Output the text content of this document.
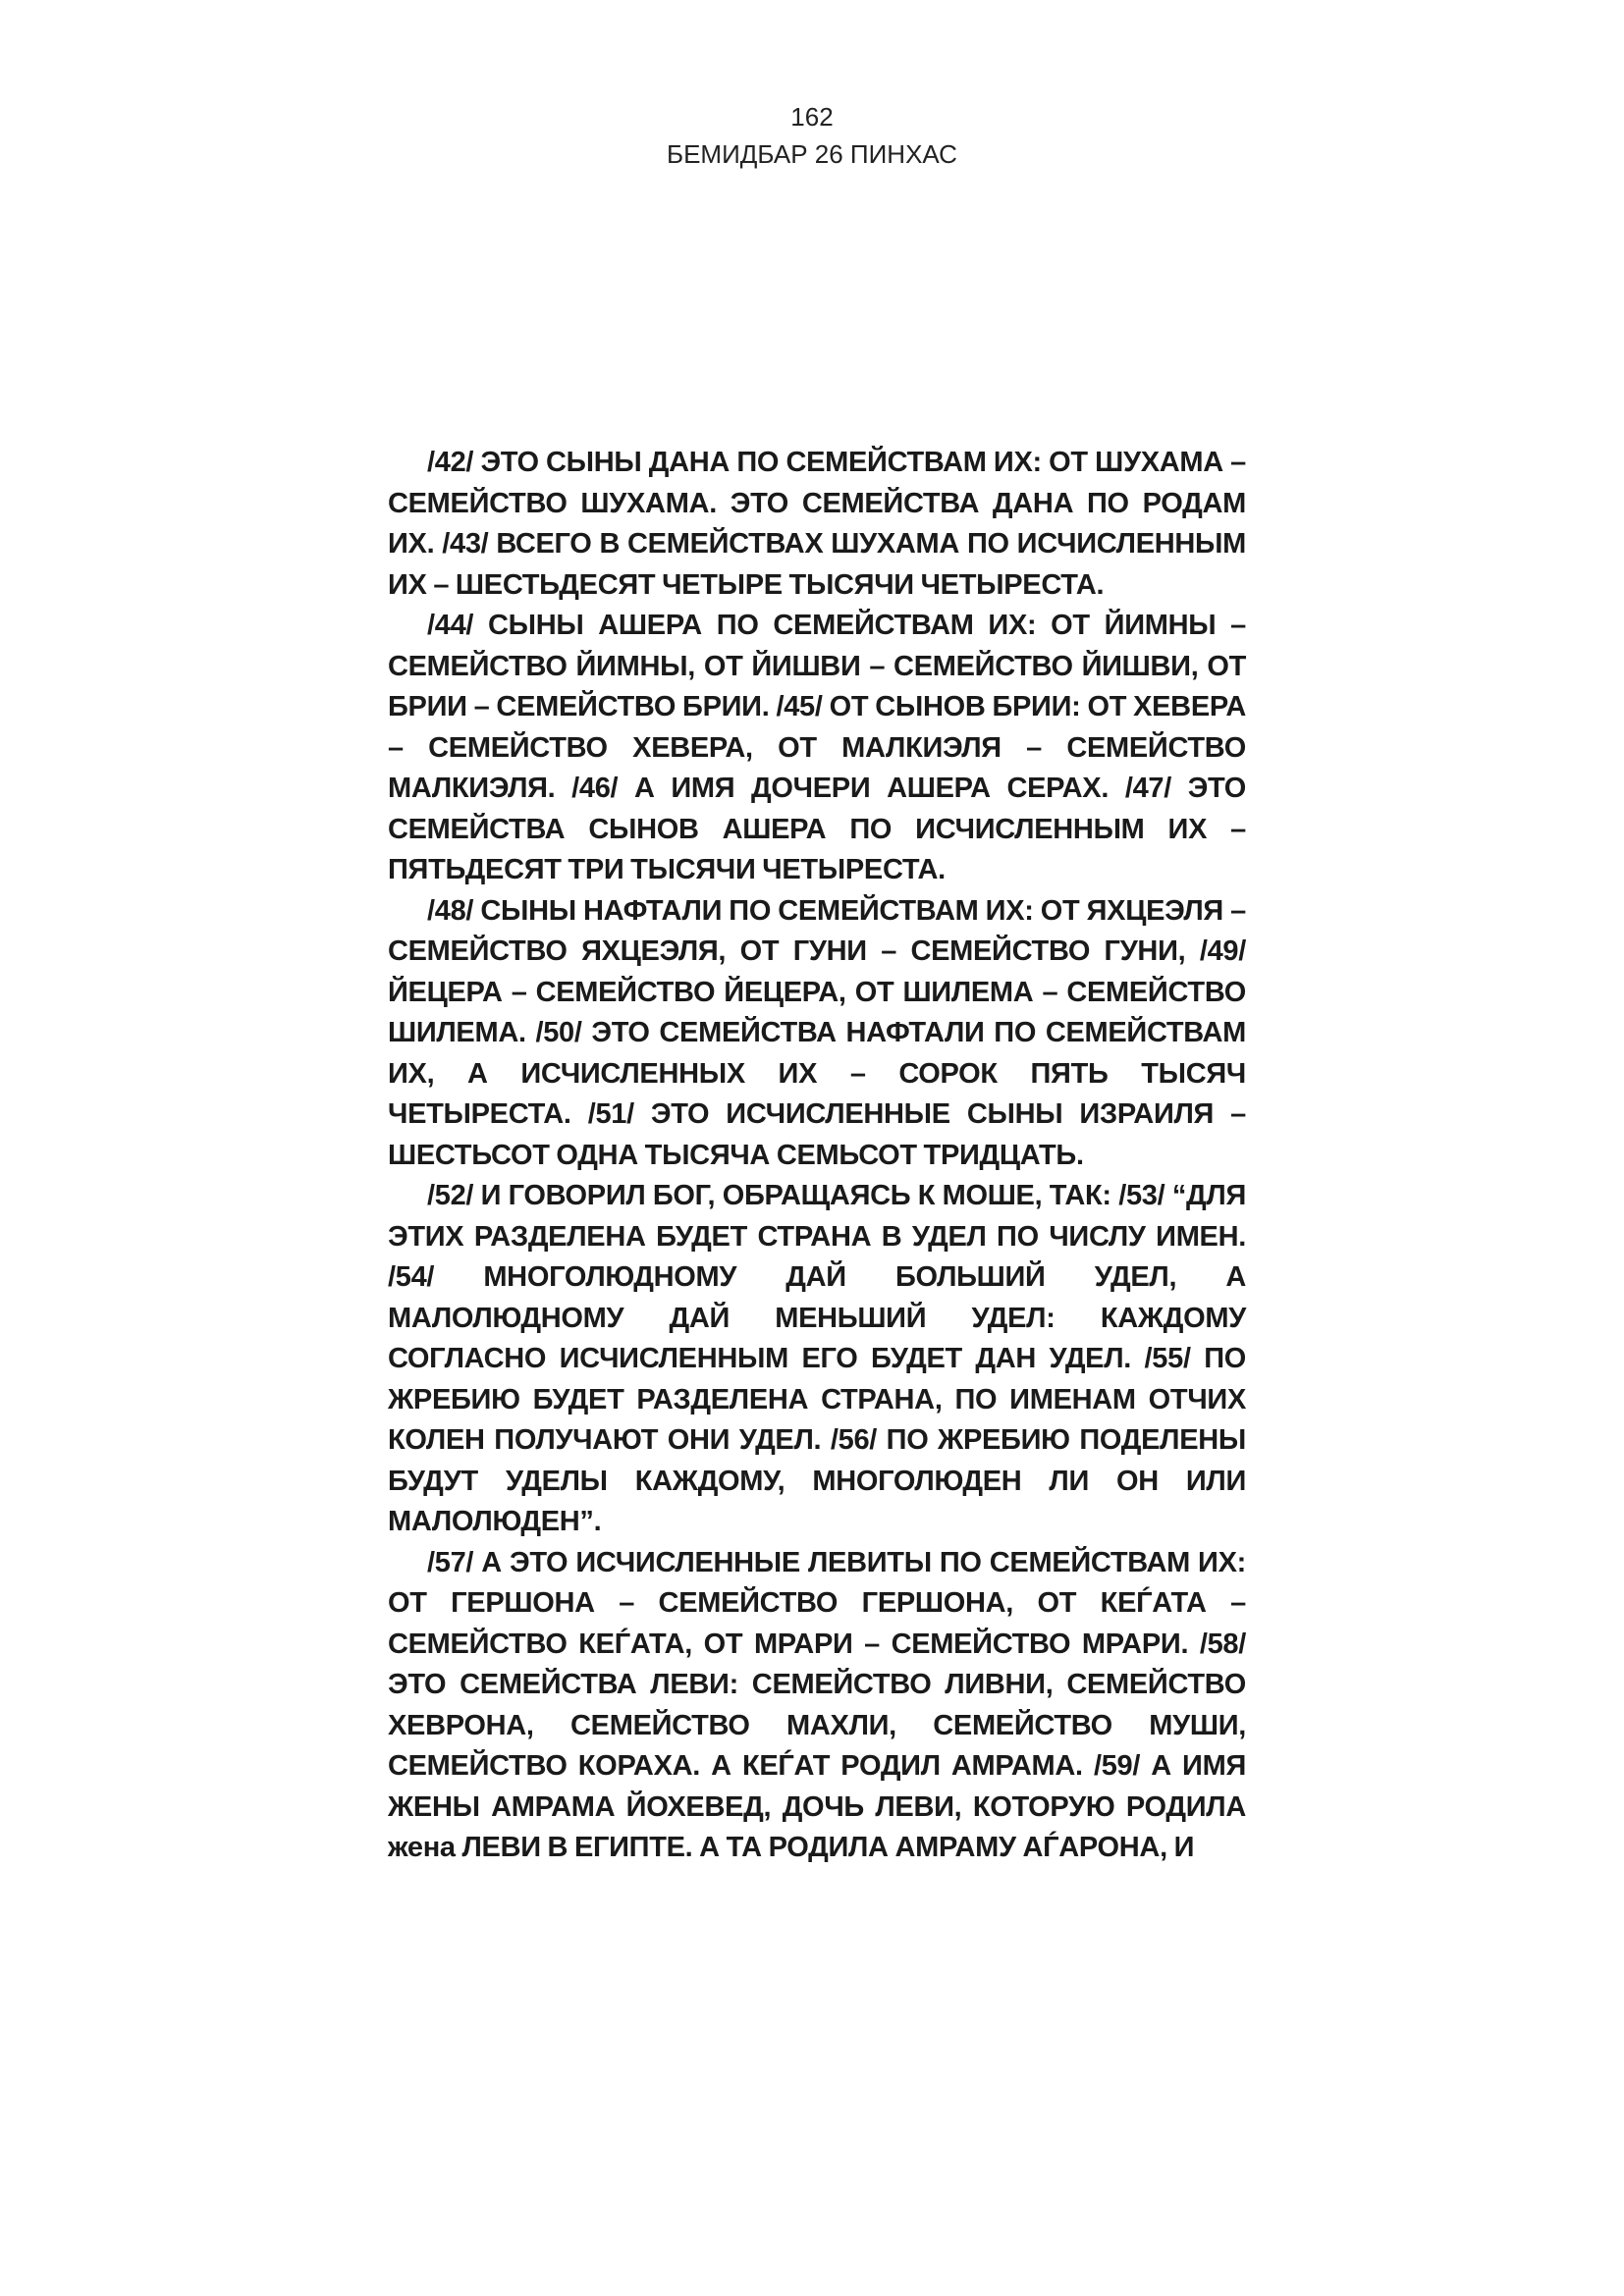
162
БЕМИДБАР 26 ПИНХАС

/42/ ЭТО СЫНЫ ДАНА ПО СЕМЕЙСТВАМ ИХ: ОТ ШУХАМА – СЕМЕЙСТВО ШУХАМА. ЭТО СЕМЕЙСТВА ДАНА ПО РОДАМ ИХ. /43/ ВСЕГО В СЕМЕЙСТВАХ ШУХАМА ПО ИСЧИСЛЕННЫМ ИХ – ШЕСТЬДЕСЯТ ЧЕТЫРЕ ТЫСЯЧИ ЧЕТЫРЕСТА.

/44/ СЫНЫ АШЕРА ПО СЕМЕЙСТВАМ ИХ: ОТ ЙИМНЫ – СЕМЕЙСТВО ЙИМНЫ, ОТ ЙИШВИ – СЕМЕЙСТВО ЙИШВИ, ОТ БРИИ – СЕМЕЙСТВО БРИИ. /45/ ОТ СЫНОВ БРИИ: ОТ ХЕВЕРА – СЕМЕЙСТВО ХЕВЕРА, ОТ МАЛКИЭЛЯ – СЕМЕЙСТВО МАЛКИЭЛЯ. /46/ А ИМЯ ДОЧЕРИ АШЕРА СЕРАХ. /47/ ЭТО СЕМЕЙСТВА СЫНОВ АШЕРА ПО ИСЧИСЛЕННЫМ ИХ – ПЯТЬДЕСЯТ ТРИ ТЫСЯЧИ ЧЕТЫРЕСТА.

/48/ СЫНЫ НАФТАЛИ ПО СЕМЕЙСТВАМ ИХ: ОТ ЯХЦЕЭЛЯ – СЕМЕЙСТВО ЯХЦЕЭЛЯ, ОТ ГУНИ – СЕМЕЙСТВО ГУНИ, /49/ ЙЕЦЕРА – СЕМЕЙСТВО ЙЕЦЕРА, ОТ ШИЛЕМА – СЕМЕЙСТВО ШИЛЕМА. /50/ ЭТО СЕМЕЙСТВА НАФТАЛИ ПО СЕМЕЙСТВАМ ИХ, А ИСЧИСЛЕННЫХ ИХ – СОРОК ПЯТЬ ТЫСЯЧ ЧЕТЫРЕСТА. /51/ ЭТО ИСЧИСЛЕННЫЕ СЫНЫ ИЗРАИЛЯ – ШЕСТЬСОТ ОДНА ТЫСЯЧА СЕМЬСОТ ТРИДЦАТЬ.

/52/ И ГОВОРИЛ БОГ, ОБРАЩАЯСЬ К МОШЕ, ТАК: /53/ “ДЛЯ ЭТИХ РАЗДЕЛЕНА БУДЕТ СТРАНА В УДЕЛ ПО ЧИСЛУ ИМЕН. /54/ МНОГОЛЮДНОМУ ДАЙ БОЛЬШИЙ УДЕЛ, А МАЛОЛЮДНОМУ ДАЙ МЕНЬШИЙ УДЕЛ: КАЖДОМУ СОГЛАСНО ИСЧИСЛЕННЫМ ЕГО БУДЕТ ДАН УДЕЛ. /55/ ПО ЖРЕБИЮ БУДЕТ РАЗДЕЛЕНА СТРАНА, ПО ИМЕНАМ ОТЧИХ КОЛЕН ПОЛУЧАЮТ ОНИ УДЕЛ. /56/ ПО ЖРЕБИЮ ПОДЕЛЕНЫ БУДУТ УДЕЛЫ КАЖДОМУ, МНОГОЛЮДЕН ЛИ ОН ИЛИ МАЛОЛЮДЕН”.

/57/ А ЭТО ИСЧИСЛЕННЫЕ ЛЕВИТЫ ПО СЕМЕЙСТВАМ ИХ: ОТ ГЕРШОНА – СЕМЕЙСТВО ГЕРШОНА, ОТ КЕЃАТА – СЕМЕЙСТВО КЕЃАТА, ОТ МРАРИ – СЕМЕЙСТВО МРАРИ. /58/ ЭТО СЕМЕЙСТВА ЛЕВИ: СЕМЕЙСТВО ЛИВНИ, СЕМЕЙСТВО ХЕВРОНА, СЕМЕЙСТВО МАХЛИ, СЕМЕЙСТВО МУШИ, СЕМЕЙСТВО КОРАХА. А КЕЃАТ РОДИЛ АМРАМА. /59/ А ИМЯ ЖЕНЫ АМРАМА ЙОХЕВЕД, ДОЧЬ ЛЕВИ, КОТОРУЮ РОДИЛА жена ЛЕВИ В ЕГИПТЕ. А ТА РОДИЛА АМРАМУ АЃАРОНА, И
